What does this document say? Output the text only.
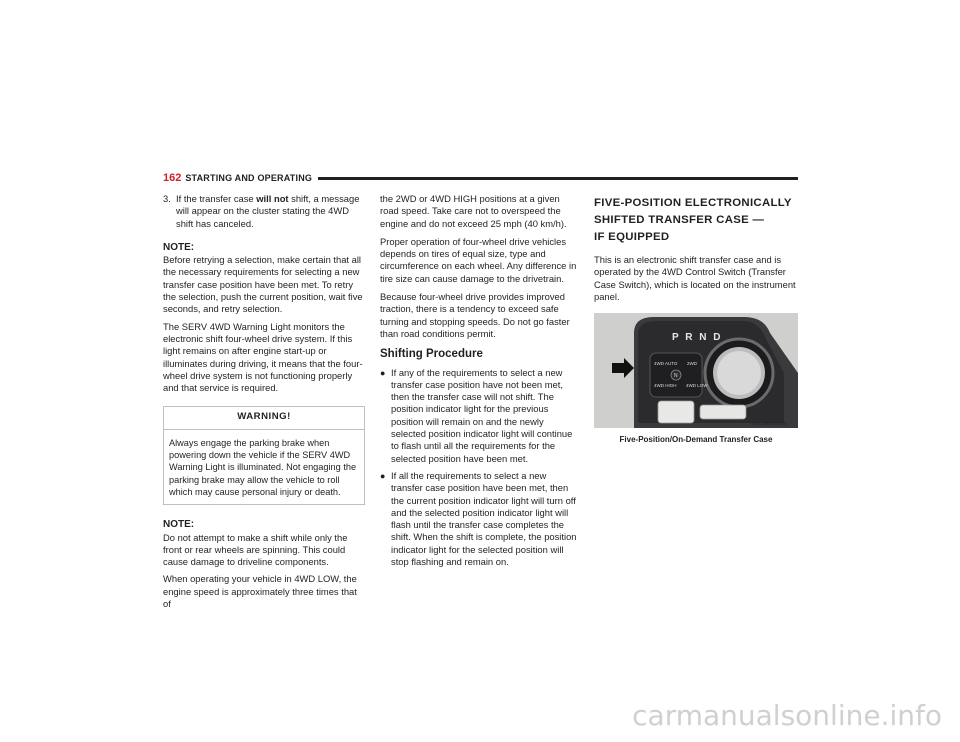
162 STARTING AND OPERATING
3. If the transfer case will not shift, a message will appear on the cluster stating the 4WD shift has canceled.
NOTE:

Before retrying a selection, make certain that all the necessary requirements for selecting a new transfer case position have been met. To retry the selection, push the current position, wait five seconds, and retry selection.

The SERV 4WD Warning Light monitors the electronic shift four-wheel drive system. If this light remains on after engine start-up or illuminates during driving, it means that the four-wheel drive system is not functioning properly and that service is required.

WARNING!
Always engage the parking brake when powering down the vehicle if the SERV 4WD Warning Light is illuminated. Not engaging the parking brake may allow the vehicle to roll which may cause personal injury or death.
NOTE:

Do not attempt to make a shift while only the front or rear wheels are spinning. This could cause damage to driveline components.

When operating your vehicle in 4WD LOW, the engine speed is approximately three times that of

the 2WD or 4WD HIGH positions at a given road speed. Take care not to overspeed the engine and do not exceed 25 mph (40 km/h).

Proper operation of four-wheel drive vehicles depends on tires of equal size, type and circumference on each wheel. Any difference in tire size can cause damage to the drivetrain.

Because four-wheel drive provides improved traction, there is a tendency to exceed safe turning and stopping speeds. Do not go faster than road conditions permit.

Shifting Procedure
● If any of the requirements to select a new transfer case position have not been met, then the transfer case will not shift. The position indicator light for the previous position will remain on and the newly selected position indicator light will continue to flash until all the requirements for the selected position have been met.
● If all the requirements to select a new transfer case position have been met, then the current position indicator light will turn off and the selected position indicator light will flash until the transfer case completes the shift. When the shift is complete, the position indicator light for the selected position will stop flashing and remain on.
FIVE-POSITION ELECTRONICALLY
SHIFTED TRANSFER CASE —
IF EQUIPPED

This is an electronic shift transfer case and is operated by the 4WD Control Switch (Transfer Case Switch), which is located on the instrument panel.

P R N D
4WD AUTO 2WD
4WD HIGH 4WD LOW
N
A0612000070US
Five-Position/On-Demand Transfer Case
carmanualsonline.info
